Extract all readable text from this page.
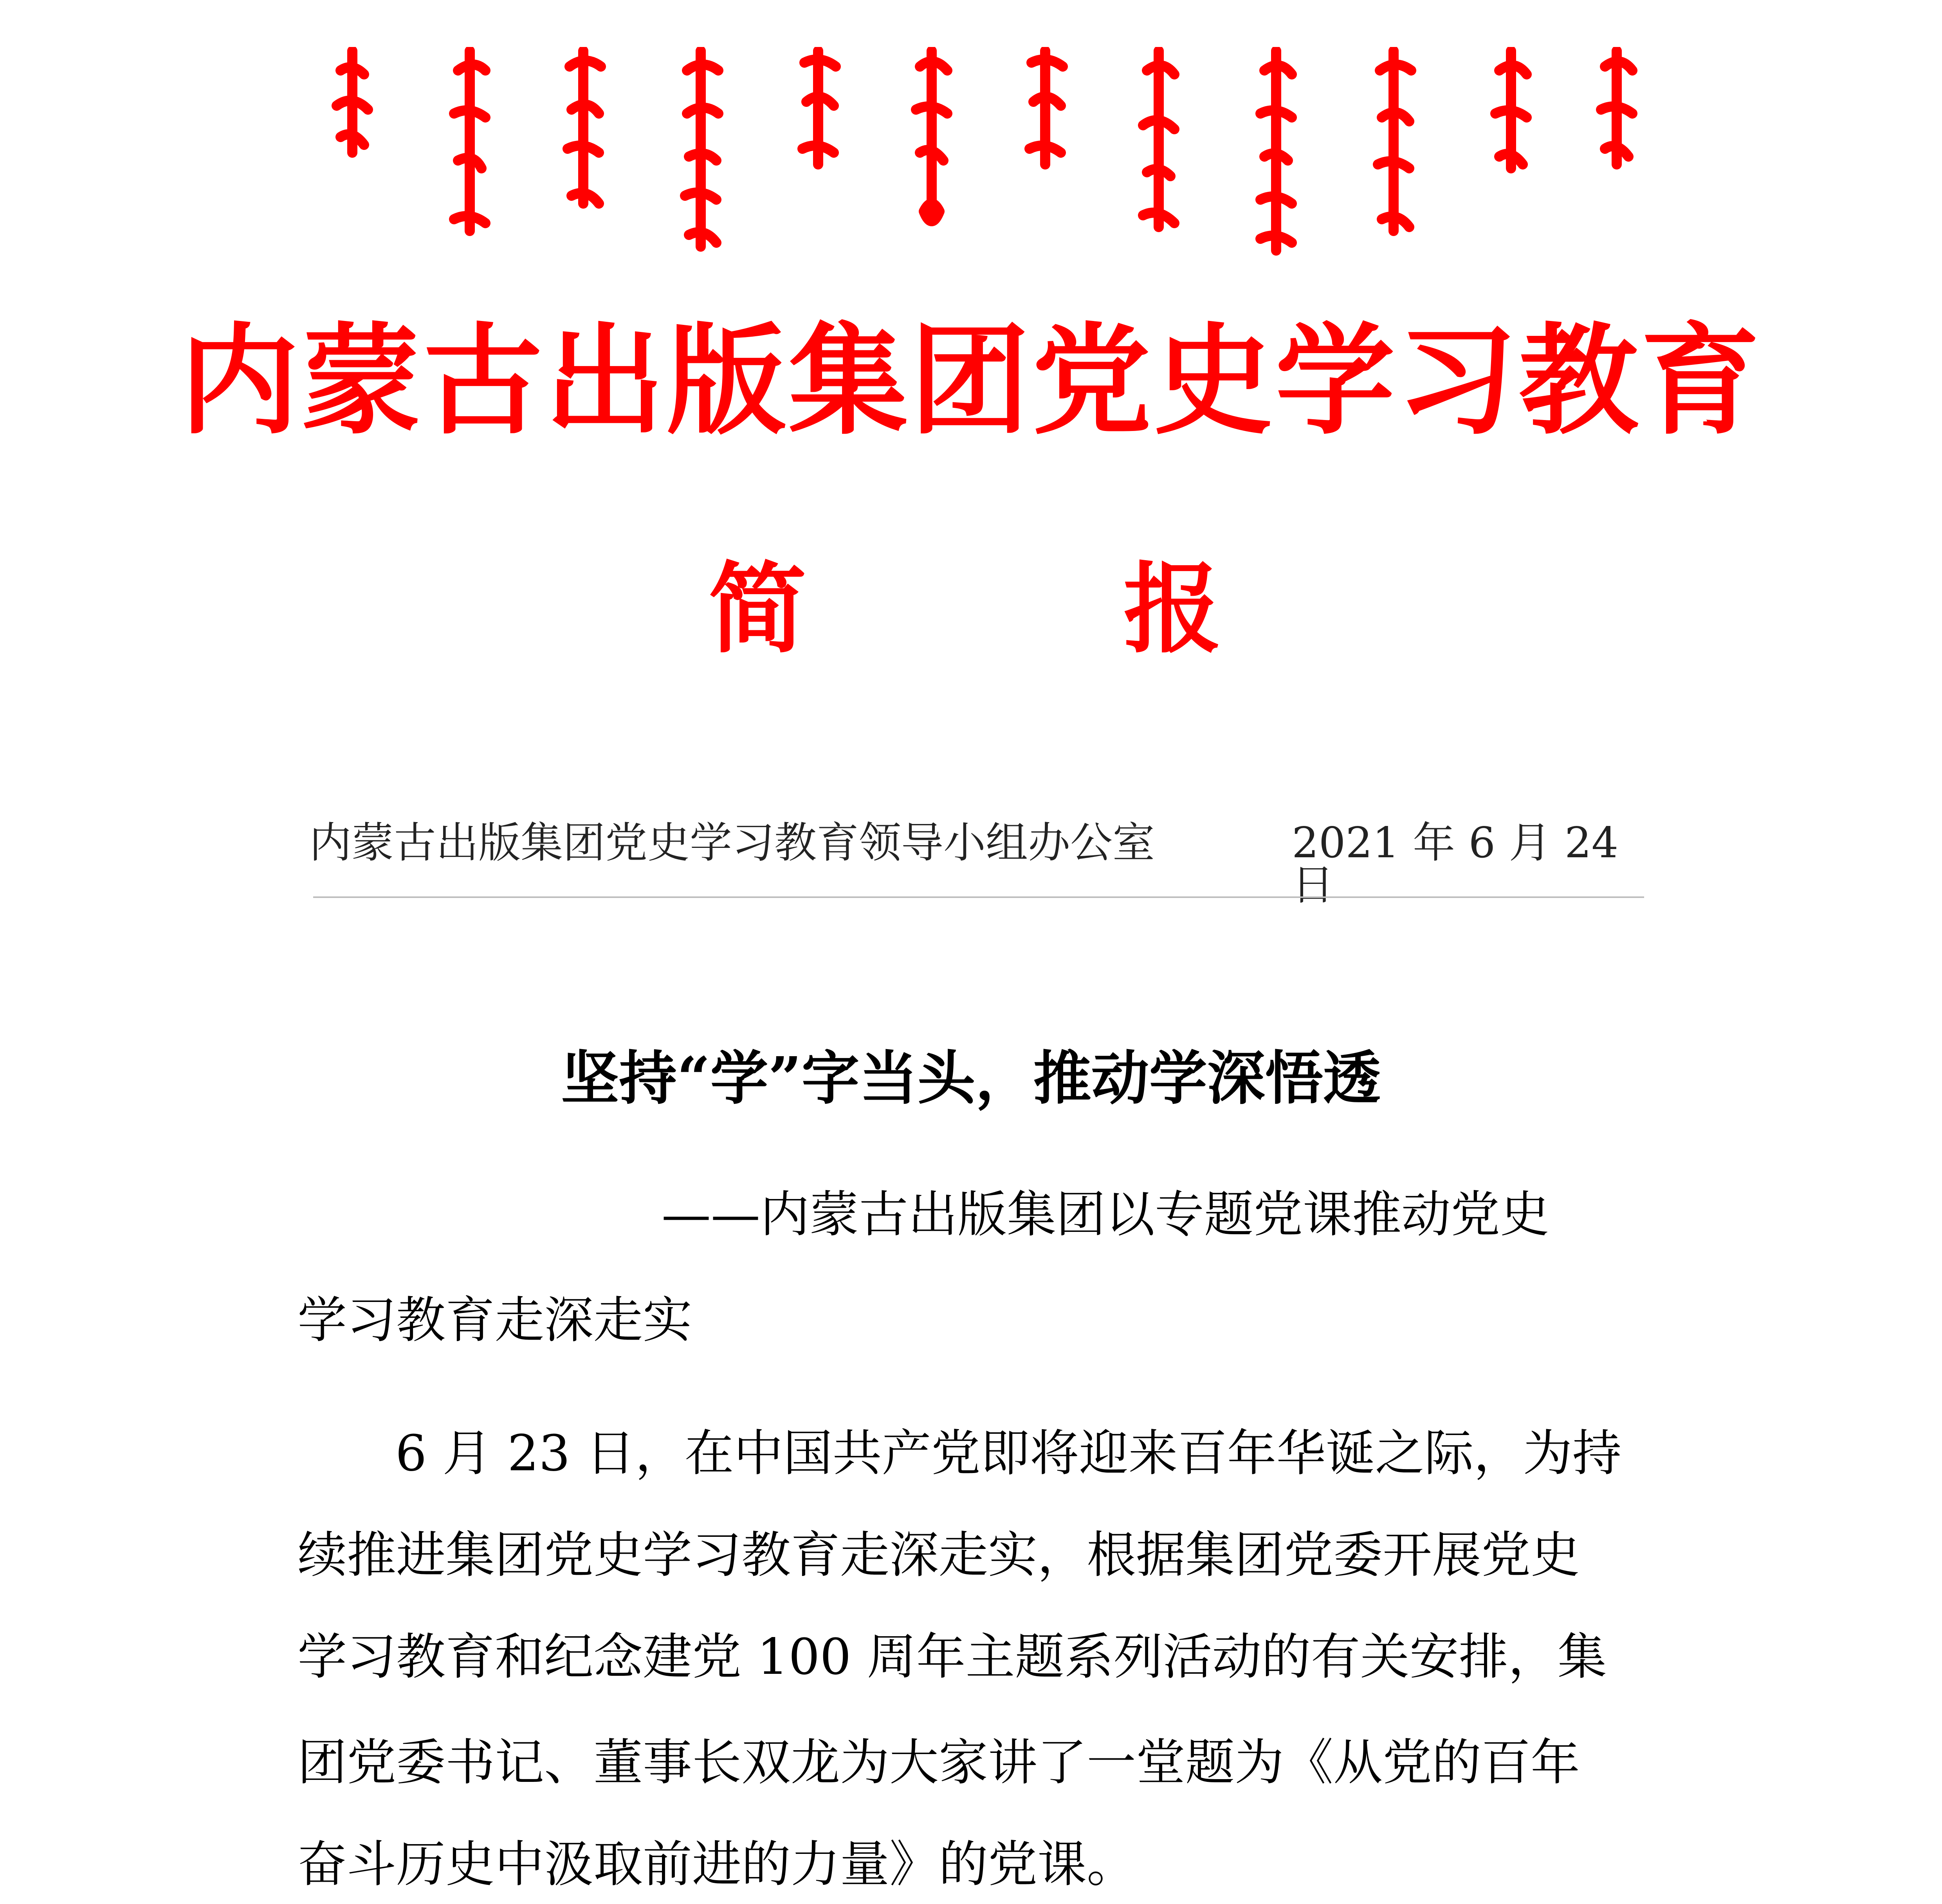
内蒙古出版集团党史学习教育
简	报
内蒙古出版集团党史学习教育领导小组办公室	2021 年 6 月 24 日
坚持“学”字当头，推动学深悟透
——内蒙古出版集团以专题党课推动党史
学习教育走深走实
6 月 23 日，在中国共产党即将迎来百年华诞之际，为持
续推进集团党史学习教育走深走实，根据集团党委开展党史
学习教育和纪念建党 100 周年主题系列活动的有关安排，集
团党委书记、董事长双龙为大家讲了一堂题为《从党的百年
奋斗历史中汲取前进的力量》的党课。
